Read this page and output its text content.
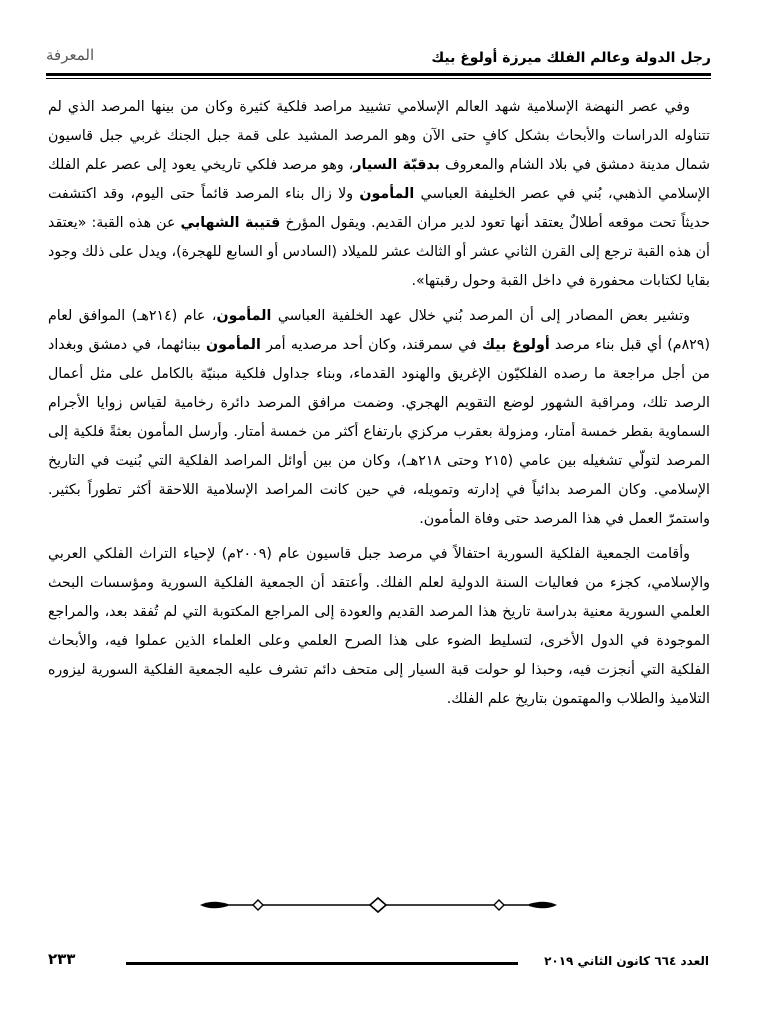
المعرفة	رجل الدولة وعالم الفلك ميرزة أولوغ بيك

وفي عصر النهضة الإسلامية شهد العالم الإسلامي تشييد مراصد فلكية كثيرة وكان من بينها المرصد الذي لم تتناوله الدراسات والأبحاث بشكل كافٍ حتى الآن وهو المرصد المشيد على قمة جبل الجنك غربي جبل قاسيون شمال مدينة دمشق في بلاد الشام والمعروف بدقبّة السيار، وهو مرصد فلكي تاريخي يعود إلى عصر علم الفلك الإسلامي الذهبي، بُني في عصر الخليفة العباسي المأمون ولا زال بناء المرصد قائماً حتى اليوم، وقد اكتشفت حديثاً تحت موقعه أطلالٌ يعتقد أنها تعود لدير مران القديم. ويقول المؤرخ قتيبة الشهابي عن هذه القبة: «يعتقد أن هذه القبة ترجع إلى القرن الثاني عشر أو الثالث عشر للميلاد (السادس أو السابع للهجرة)، ويدل على ذلك وجود بقايا لكتابات محفورة في داخل القبة وحول رقبتها».

وتشير بعض المصادر إلى أن المرصد بُني خلال عهد الخلفية العباسي المأمون، عام (٢١٤هـ) الموافق لعام (٨٢٩م) أي قبل بناء مرصد أولوغ بيك في سمرقند، وكان أحد مرصديه أمر المأمون ببنائهما، في دمشق وبغداد من أجل مراجعة ما رصده الفلكيّون الإغريق والهنود القدماء، وبناء جداول فلكية مبنيّة بالكامل على مثل أعمال الرصد تلك، ومراقبة الشهور لوضع التقويم الهجري. وضمت مرافق المرصد دائرة رخامية لقياس زوايا الأجرام السماوية بقطر خمسة أمتار، ومزولة بعقرب مركزي بارتفاع أكثر من خمسة أمتار. وأرسل المأمون بعثةً فلكية إلى المرصد لتولّي تشغيله بين عامي (٢١٥ وحتى ٢١٨هـ)، وكان من بين أوائل المراصد الفلكية التي بُنيت في التاريخ الإسلامي. وكان المرصد بدائياً في إدارته وتمويله، في حين كانت المراصد الإسلامية اللاحقة أكثر تطوراً بكثير. واستمرّ العمل في هذا المرصد حتى وفاة المأمون.

وأقامت الجمعية الفلكية السورية احتفالاً في مرصد جبل قاسيون عام (٢٠٠٩م) لإحياء التراث الفلكي العربي والإسلامي، كجزء من فعاليات السنة الدولية لعلم الفلك. وأعتقد أن الجمعية الفلكية السورية ومؤسسات البحث العلمي السورية معنية بدراسة تاريخ هذا المرصد القديم والعودة إلى المراجع المكتوبة التي لم تُفقد بعد، والمراجع الموجودة في الدول الأخرى، لتسليط الضوء على هذا الصرح العلمي وعلى العلماء الذين عملوا فيه، والأبحاث الفلكية التي أنجزت فيه، وحبذا لو حولت قبة السيار إلى متحف دائم تشرف عليه الجمعية الفلكية السورية ليزوره التلاميذ والطلاب والمهتمون بتاريخ علم الفلك.

العدد ٦٦٤ كانون الثاني ٢٠١٩
٢٣٣
